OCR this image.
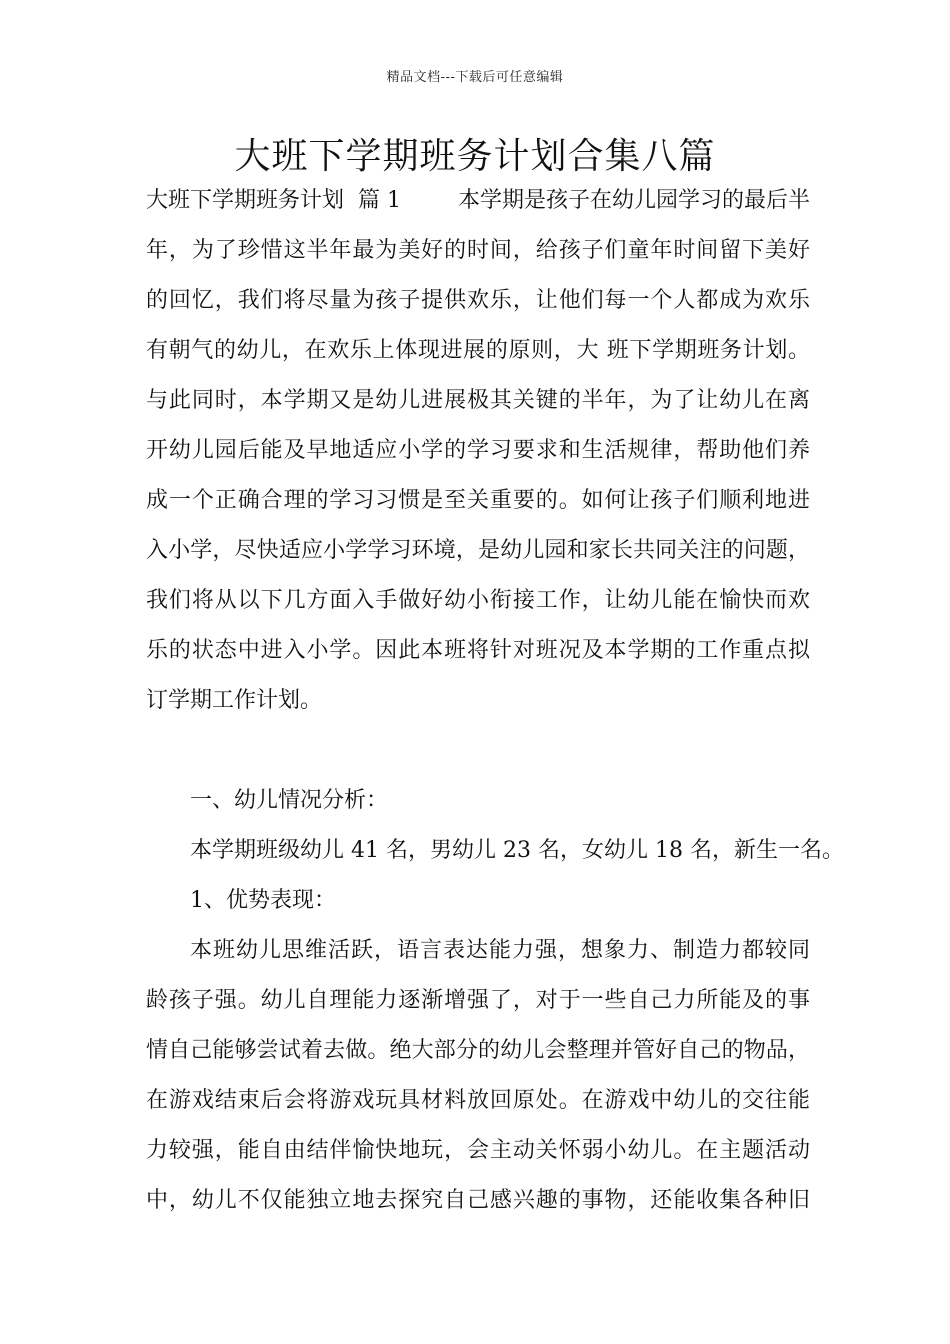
精品文档---下载后可任意编辑
大班下学期班务计划合集八篇
大班下学期班务计划  篇 1	本学期是孩子在幼儿园学习的最后半
年，为了珍惜这半年最为美好的时间，给孩子们童年时间留下美好
的回忆，我们将尽量为孩子提供欢乐，让他们每一个人都成为欢乐
有朝气的幼儿，在欢乐上体现进展的原则，大 班下学期班务计划。
与此同时，本学期又是幼儿进展极其关键的半年，为了让幼儿在离
开幼儿园后能及早地适应小学的学习要求和生活规律，帮助他们养
成一个正确合理的学习习惯是至关重要的。如何让孩子们顺利地进
入小学，尽快适应小学学习环境，是幼儿园和家长共同关注的问题，
我们将从以下几方面入手做好幼小衔接工作，让幼儿能在愉快而欢
乐的状态中进入小学。因此本班将针对班况及本学期的工作重点拟
订学期工作计划。
一、幼儿情况分析：
本学期班级幼儿 41 名，男幼儿 23 名，女幼儿 18 名，新生一名。
1、优势表现：
本班幼儿思维活跃，语言表达能力强，想象力、制造力都较同
龄孩子强。幼儿自理能力逐渐增强了，对于一些自己力所能及的事
情自己能够尝试着去做。绝大部分的幼儿会整理并管好自己的物品，
在游戏结束后会将游戏玩具材料放回原处。在游戏中幼儿的交往能
力较强，能自由结伴愉快地玩，会主动关怀弱小幼儿。在主题活动
中，幼儿不仅能独立地去探究自己感兴趣的事物，还能收集各种旧
